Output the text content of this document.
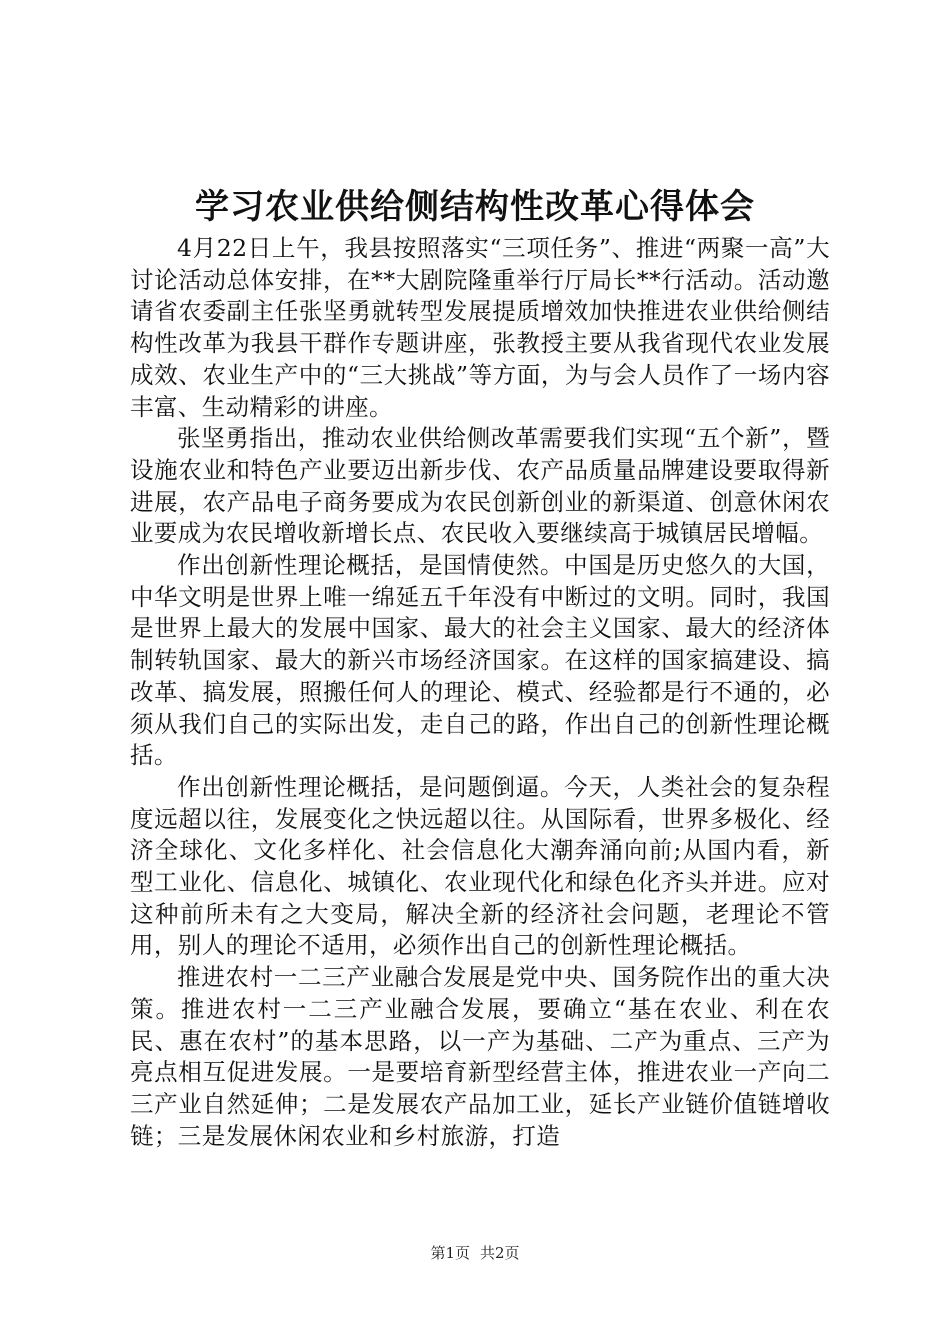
学习农业供给侧结构性改革心得体会

4月22日上午，我县按照落实“三项任务”、推进“两聚一高”大讨论活动总体安排，在**大剧院隆重举行厅局长**行活动。活动邀请省农委副主任张坚勇就转型发展提质增效加快推进农业供给侧结构性改革为我县干群作专题讲座，张教授主要从我省现代农业发展成效、农业生产中的“三大挑战”等方面，为与会人员作了一场内容丰富、生动精彩的讲座。

张坚勇指出，推动农业供给侧改革需要我们实现“五个新”，暨设施农业和特色产业要迈出新步伐、农产品质量品牌建设要取得新进展，农产品电子商务要成为农民创新创业的新渠道、创意休闲农业要成为农民增收新增长点、农民收入要继续高于城镇居民增幅。

作出创新性理论概括，是国情使然。中国是历史悠久的大国，中华文明是世界上唯一绵延五千年没有中断过的文明。同时，我国是世界上最大的发展中国家、最大的社会主义国家、最大的经济体制转轨国家、最大的新兴市场经济国家。在这样的国家搞建设、搞改革、搞发展，照搬任何人的理论、模式、经验都是行不通的，必须从我们自己的实际出发，走自己的路，作出自己的创新性理论概括。

作出创新性理论概括，是问题倒逼。今天，人类社会的复杂程度远超以往，发展变化之快远超以往。从国际看，世界多极化、经济全球化、文化多样化、社会信息化大潮奔涌向前;从国内看，新型工业化、信息化、城镇化、农业现代化和绿色化齐头并进。应对这种前所未有之大变局，解决全新的经济社会问题，老理论不管用，别人的理论不适用，必须作出自己的创新性理论概括。

推进农村一二三产业融合发展是党中央、国务院作出的重大决策。推进农村一二三产业融合发展，要确立“基在农业、利在农民、惠在农村”的基本思路，以一产为基础、二产为重点、三产为亮点相互促进发展。一是要培育新型经营主体，推进农业一产向二三产业自然延伸；二是发展农产品加工业，延长产业链价值链增收链；三是发展休闲农业和乡村旅游，打造

第1页 共2页
